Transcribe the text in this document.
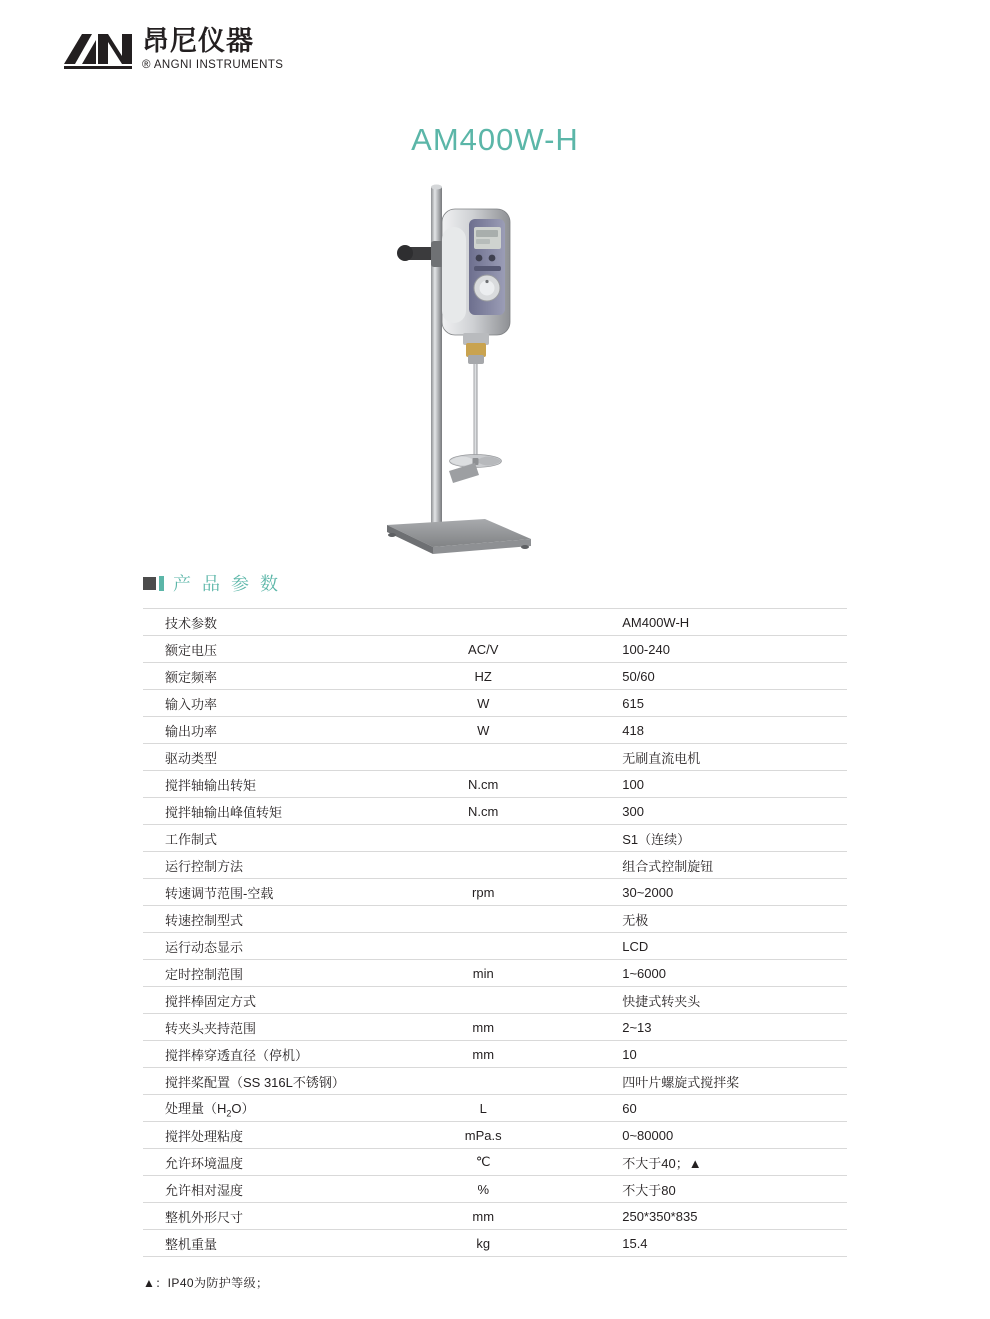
昂尼仪器
® ANGNI INSTRUMENTS
AM400W-H
产 品 参 数
技术参数		AM400W-H
额定电压	AC/V	100-240
额定频率	HZ	50/60
输入功率	W	615
输出功率	W	418
驱动类型		无刷直流电机
搅拌轴输出转矩	N.cm	100
搅拌轴输出峰值转矩	N.cm	300
工作制式		S1（连续）
运行控制方法		组合式控制旋钮
转速调节范围-空载	rpm	30~2000
转速控制型式		无极
运行动态显示		LCD
定时控制范围	min	1~6000
搅拌棒固定方式		快捷式转夹头
转夹头夹持范围	mm	2~13
搅拌棒穿透直径（停机）	mm	10
搅拌桨配置（SS 316L不锈钢）		四叶片螺旋式搅拌桨
处理量$(H_2O)$	L	60
搅拌处理粘度	mPa.s	0~80000
允许环境温度	℃	不大于40；▲
允许相对湿度	%	不大于80
整机外形尺寸	mm	250*350*835
整机重量	kg	15.4
▲：IP40为防护等级；
